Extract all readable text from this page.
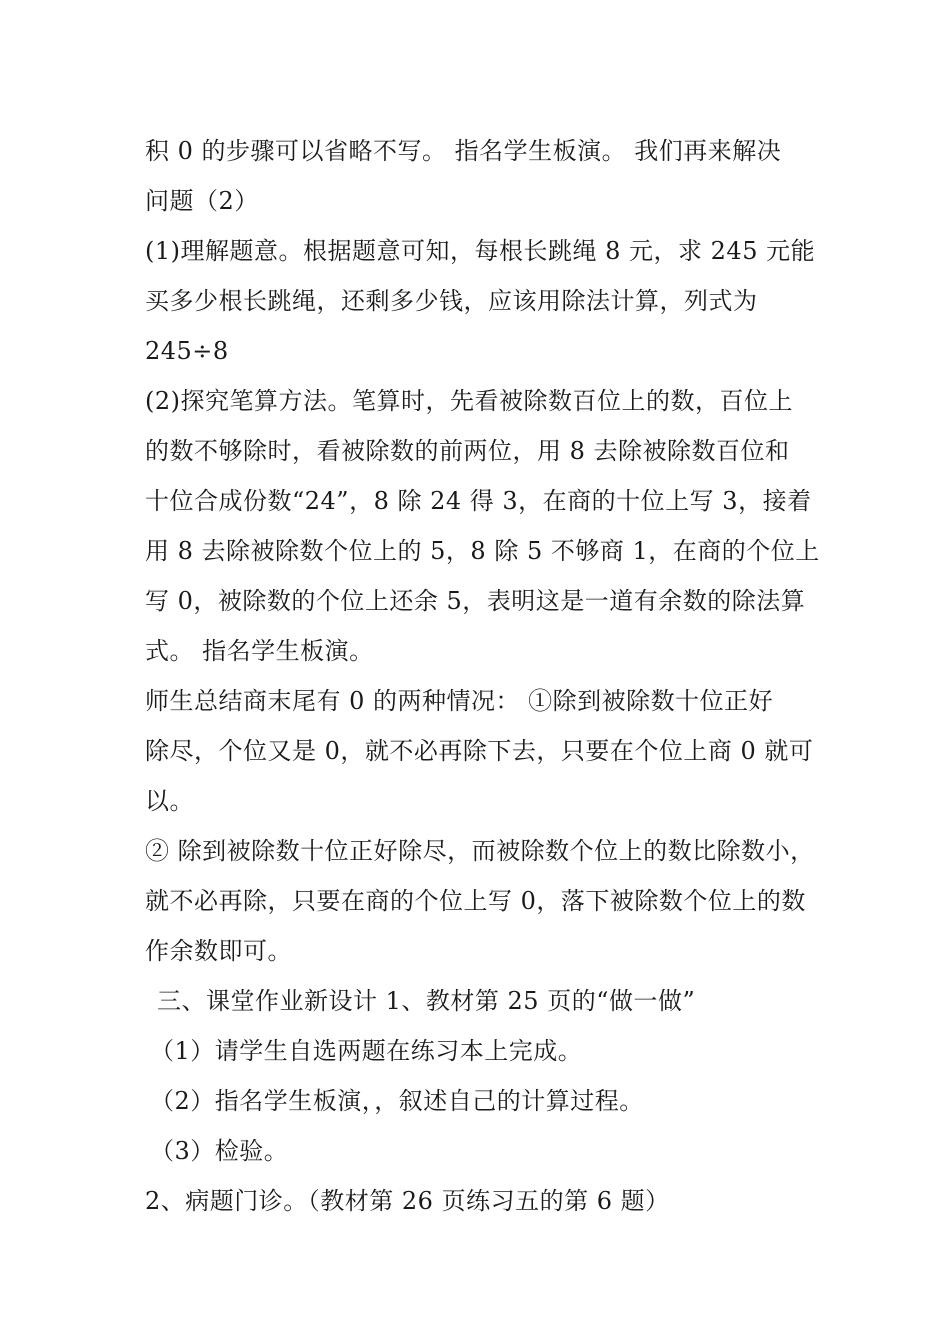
积 0 的步骤可以省略不写。 指名学生板演。 我们再来解决
问题（2）
(1)理解题意。根据题意可知，每根长跳绳 8 元，求 245 元能
买多少根长跳绳，还剩多少钱，应该用除法计算，列式为
245÷8
(2)探究笔算方法。笔算时，先看被除数百位上的数，百位上
的数不够除时，看被除数的前两位，用 8 去除被除数百位和
十位合成份数“24”，8 除 24 得 3，在商的十位上写 3，接着
用 8 去除被除数个位上的 5，8 除 5 不够商 1，在商的个位上
写 0，被除数的个位上还余 5，表明这是一道有余数的除法算
式。 指名学生板演。
师生总结商末尾有 0 的两种情况： ①除到被除数十位正好
除尽，个位又是 0，就不必再除下去，只要在个位上商 0 就可
以。
② 除到被除数十位正好除尽，而被除数个位上的数比除数小，
就不必再除，只要在商的个位上写 0，落下被除数个位上的数
作余数即可。
三、课堂作业新设计 1、教材第 25 页的“做一做”
（1）请学生自选两题在练习本上完成。
（2）指名学生板演，，叙述自己的计算过程。
（3）检验。
2、病题门诊。（教材第 26 页练习五的第 6 题）
